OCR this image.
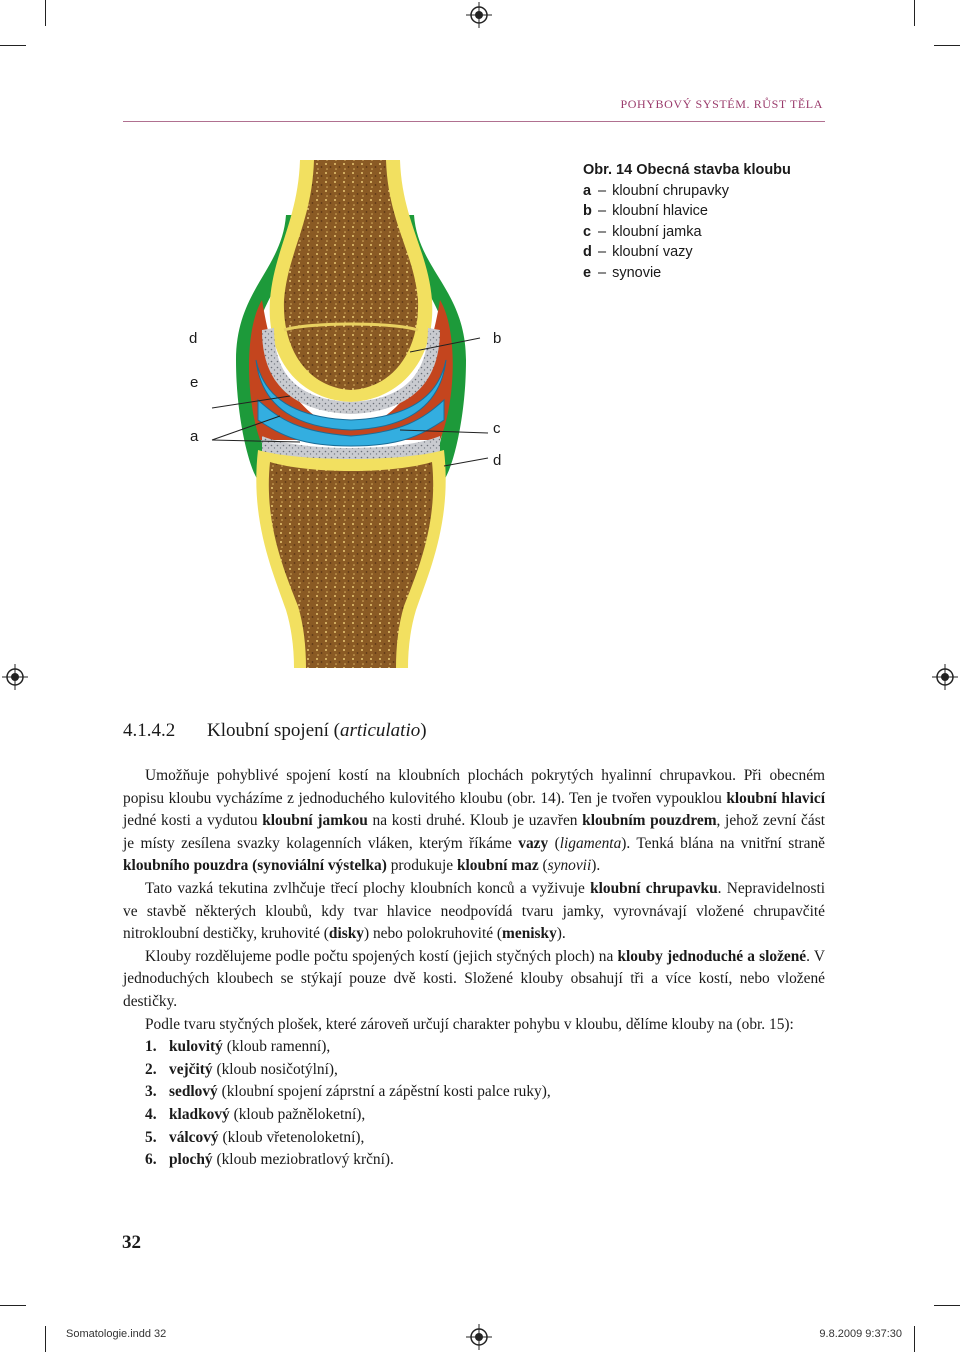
POHYBOVÝ SYSTÉM. RŮST TĚLA
Obr. 14 Obecná stavba kloubu
a – kloubní chrupavky
b – kloubní hlavice
c – kloubní jamka
d – kloubní vazy
e – synovie
d	b
e
a	c
d
4.1.4.2 Kloubní spojení (articulatio)

Umožňuje pohyblivé spojení kostí na kloubních plochách pokrytých hyalinní chrupavkou. Při obecném popisu kloubu vycházíme z jednoduchého kulovitého kloubu (obr. 14). Ten je tvořen vypouklou kloubní hlavicí jedné kosti a vydutou kloubní jamkou na kosti druhé. Kloub je uzavřen kloubním pouzdrem, jehož zevní část je místy zesílena svazky kolagenních vláken, kterým říkáme vazy (ligamenta). Tenká blána na vnitřní straně kloubního pouzdra (synoviální výstelka) produkuje kloubní maz (synovii).

Tato vazká tekutina zvlhčuje třecí plochy kloubních konců a vyživuje kloubní chrupavku. Nepravidelnosti ve stavbě některých kloubů, kdy tvar hlavice neodpovídá tvaru jamky, vyrovnávají vložené chrupavčité nitrokloubní destičky, kruhovité (disky) nebo polokruhovité (menisky).

Klouby rozdělujeme podle počtu spojených kostí (jejich styčných ploch) na klouby jednoduché a složené. V jednoduchých kloubech se stýkají pouze dvě kosti. Složené klouby obsahují tři a více kostí, nebo vložené destičky.

Podle tvaru styčných plošek, které zároveň určují charakter pohybu v kloubu, dělíme klouby na (obr. 15):

1. kulovitý (kloub ramenní),
2. vejčitý (kloub nosičotýlní),
3. sedlový (kloubní spojení záprstní a zápěstní kosti palce ruky),
4. kladkový (kloub pažněloketní),
5. válcový (kloub vřetenoloketní),
6. plochý (kloub meziobratlový krční).
32
Somatologie.indd 32	9.8.2009 9:37:30
